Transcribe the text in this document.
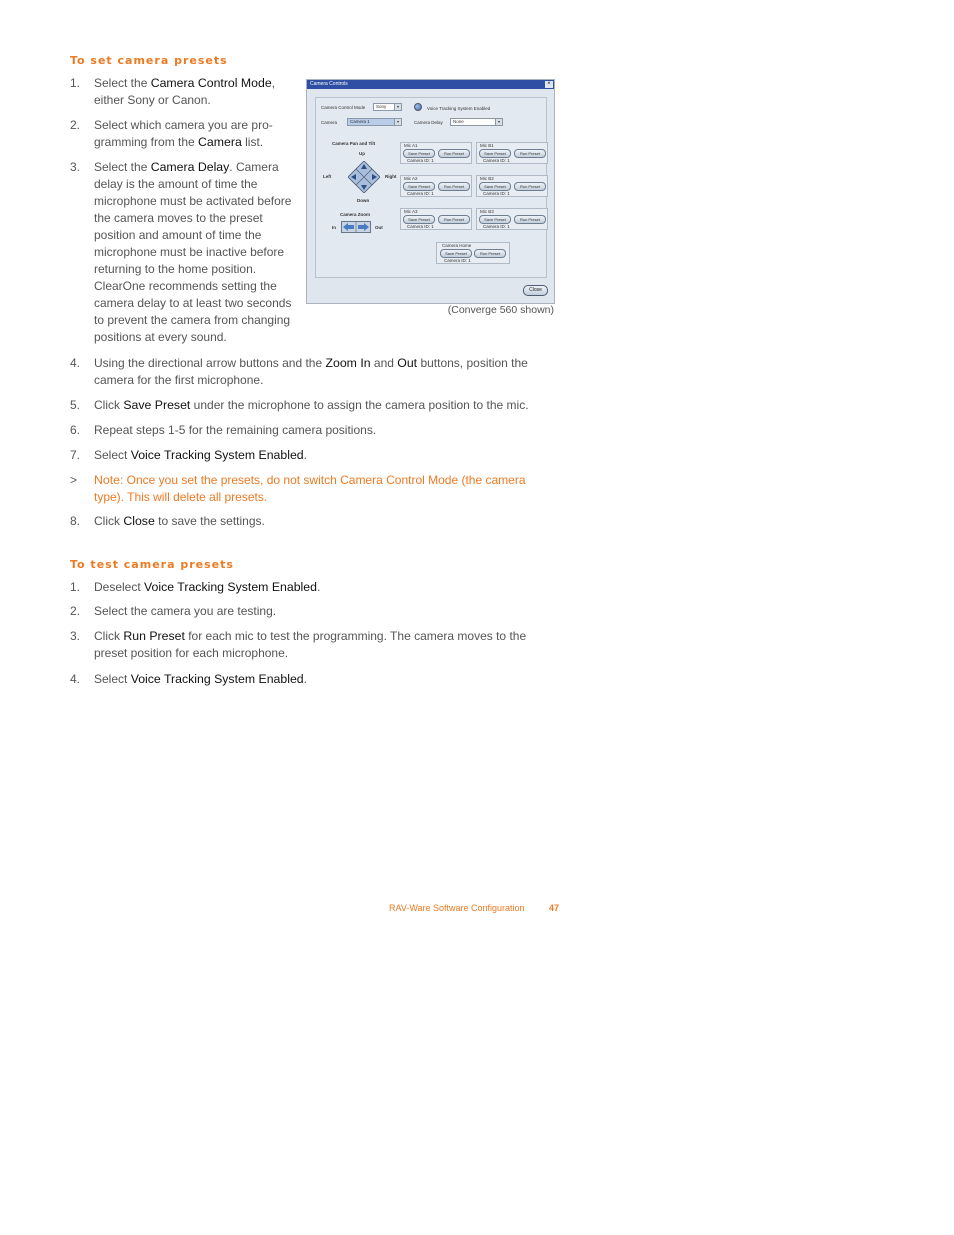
To set camera presets
1.	Select the Camera Control Mode,
either Sony or Canon.
2.	Select which camera you are pro-
gramming from the Camera list.
3.	Select the Camera Delay. Camera
delay is the amount of time the
microphone must be activated before
the camera moves to the preset
position and amount of time the
microphone must be inactive before
returning to the home position.
ClearOne recommends setting the
camera delay to at least two seconds
to prevent the camera from changing
positions at every sound.
4.	Using the directional arrow buttons and the Zoom In and Out buttons, position the
camera for the first microphone.
5.	Click Save Preset under the microphone to assign the camera position to the mic.
6.	Repeat steps 1-5 for the remaining camera positions.
7.	Select Voice Tracking System Enabled.
>	Note: Once you set the presets, do not switch Camera Control Mode (the camera
type). This will delete all presets.
8.	Click Close to save the settings.
Camera Controls	×
Camera Control Mode	Sony	▾	Voice Tracking System Enabled
Camera	Camera 1	▾	Camera Delay	None	▾
Camera Pan and Tilt
Up
Left	Right
Down
Camera Zoom
In	Out
Mic A1
Save Preset	Run Preset
Camera ID: 1
Mic B1
Save Preset	Run Preset
Camera ID: 1
Mic A2
Save Preset	Run Preset
Camera ID: 1
Mic B2
Save Preset	Run Preset
Camera ID: 1
Mic A3
Save Preset	Run Preset
Camera ID: 1
Mic B3
Save Preset	Run Preset
Camera ID: 1
Camera Home
Save Preset	Run Preset
Camera ID: 1
Close
(Converge 560 shown)
To test camera presets
1.	Deselect Voice Tracking System Enabled.
2.	Select the camera you are testing.
3.	Click Run Preset for each mic to test the programming. The camera moves to the
preset position for each microphone.
4.	Select Voice Tracking System Enabled.
RAV-Ware Software Configuration	47
